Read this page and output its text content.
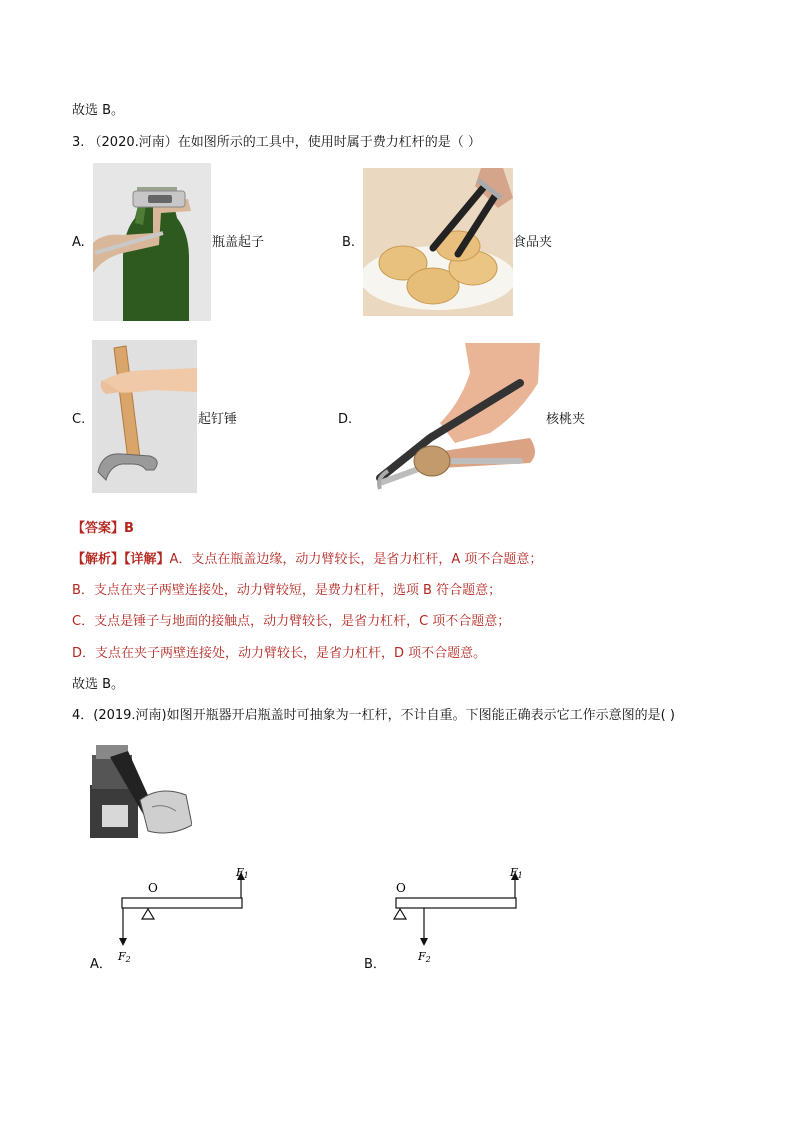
故选 B。
3. （2020.河南）在如图所示的工具中，使用时属于费力杠杆的是（ ）
A.	瓶盖起子	B.	食品夹
C.	起钉锤	D.	核桃夹
【答案】B
【解析】【详解】A．支点在瓶盖边缘，动力臂较长，是省力杠杆，A 项不合题意；
B．支点在夹子两壁连接处，动力臂较短，是费力杠杆，选项 B 符合题意；
C．支点是锤子与地面的接触点，动力臂较长，是省力杠杆，C 项不合题意；
D．支点在夹子两壁连接处，动力臂较长，是省力杠杆，D 项不合题意。
故选 B。
4．(2019.河南)如图开瓶器开启瓶盖时可抽象为一杠杆，不计自重。下图能正确表示它工作示意图的是( )
O
F1
F2
A．
O
F1
F2
B．
